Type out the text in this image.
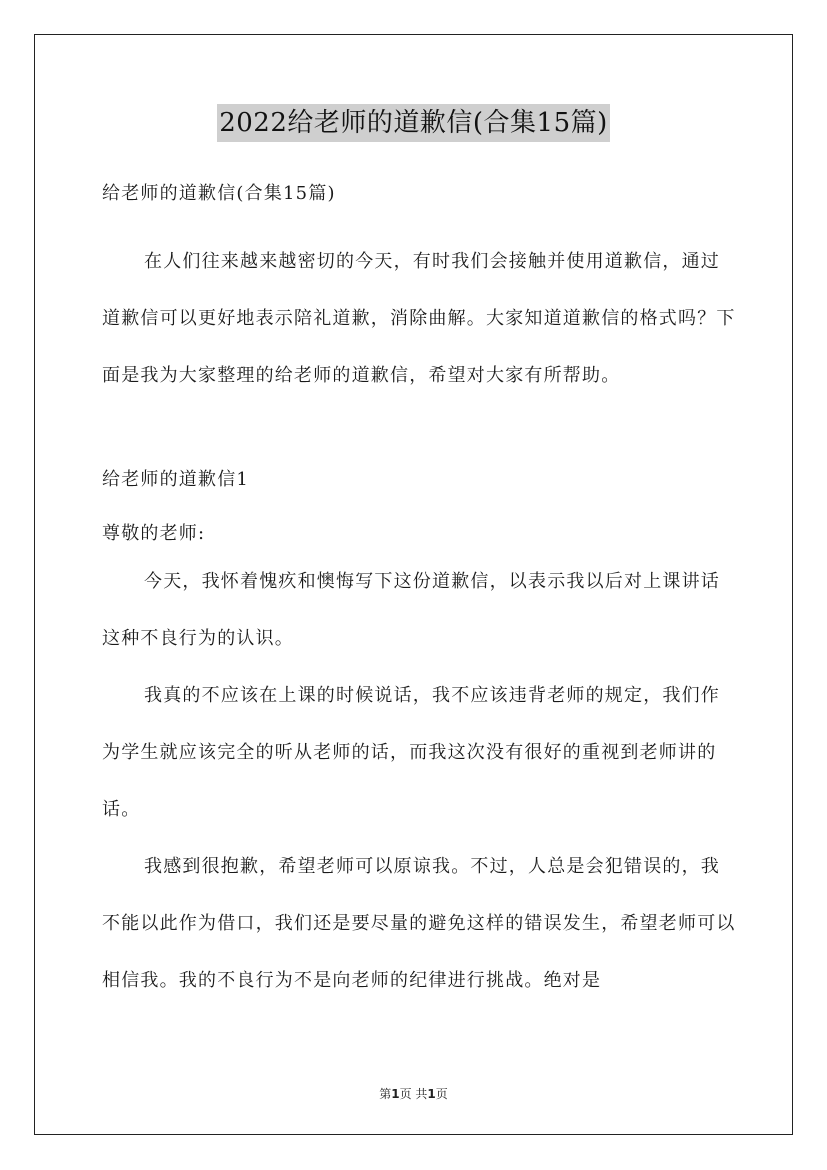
2022给老师的道歉信(合集15篇)

给老师的道歉信(合集15篇)

在人们往来越来越密切的今天，有时我们会接触并使用道歉信，通过道歉信可以更好地表示陪礼道歉，消除曲解。大家知道道歉信的格式吗？下面是我为大家整理的给老师的道歉信，希望对大家有所帮助。

给老师的道歉信1

尊敬的老师:

今天，我怀着愧疚和懊悔写下这份道歉信，以表示我以后对上课讲话这种不良行为的认识。

我真的不应该在上课的时候说话，我不应该违背老师的规定，我们作为学生就应该完全的听从老师的话，而我这次没有很好的重视到老师讲的话。

我感到很抱歉，希望老师可以原谅我。不过，人总是会犯错误的，我不能以此作为借口，我们还是要尽量的避免这样的错误发生，希望老师可以相信我。我的不良行为不是向老师的纪律进行挑战。绝对是

第1页 共1页
